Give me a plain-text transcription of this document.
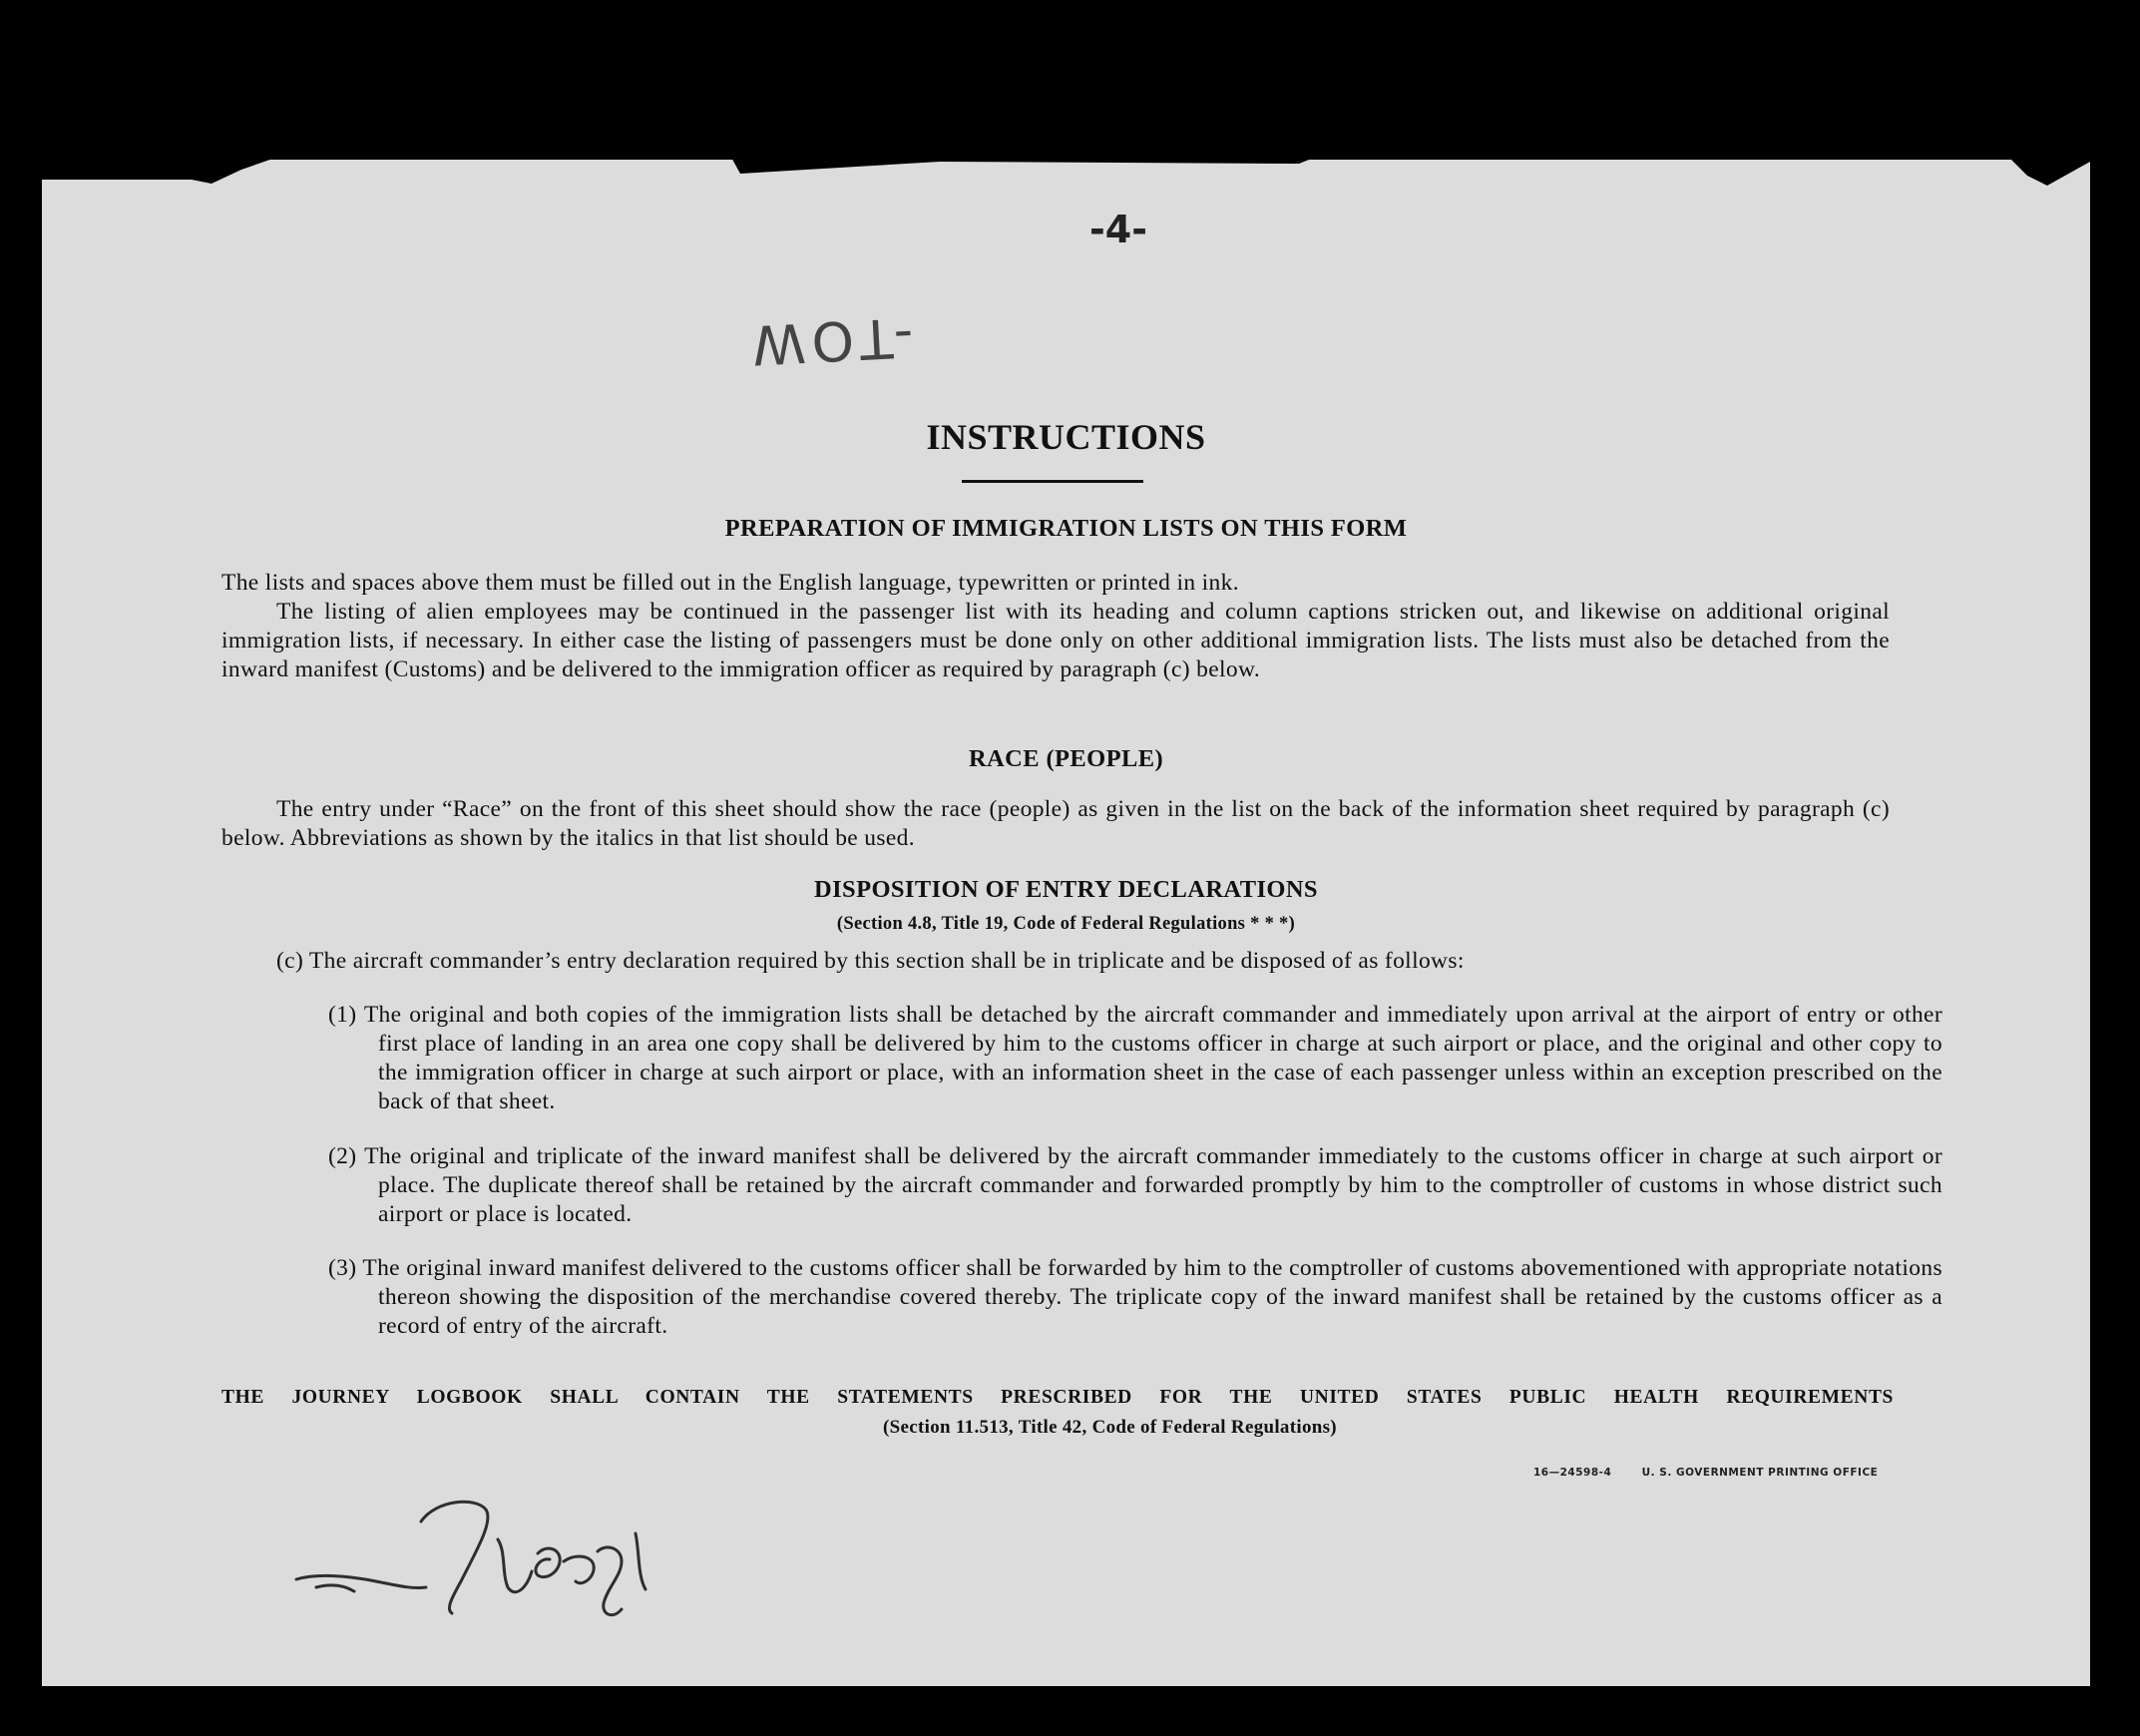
-4-
WOT-
INSTRUCTIONS
PREPARATION OF IMMIGRATION LISTS ON THIS FORM
The lists and spaces above them must be filled out in the English language, typewritten or printed in ink.
The listing of alien employees may be continued in the passenger list with its heading and column captions stricken out, and likewise on additional original immigration lists, if necessary. In either case the listing of passengers must be done only on other additional immigration lists. The lists must also be detached from the inward manifest (Customs) and be delivered to the immigration officer as required by paragraph (c) below.
RACE (PEOPLE)
The entry under “Race” on the front of this sheet should show the race (people) as given in the list on the back of the information sheet required by paragraph (c) below. Abbreviations as shown by the italics in that list should be used.
DISPOSITION OF ENTRY DECLARATIONS
(Section 4.8, Title 19, Code of Federal Regulations * * *)
(c) The aircraft commander’s entry declaration required by this section shall be in triplicate and be disposed of as follows:
(1) The original and both copies of the immigration lists shall be detached by the aircraft commander and immediately upon arrival at the airport of entry or other first place of landing in an area one copy shall be delivered by him to the customs officer in charge at such airport or place, and the original and other copy to the immigration officer in charge at such airport or place, with an information sheet in the case of each passenger unless within an exception prescribed on the back of that sheet.
(2) The original and triplicate of the inward manifest shall be delivered by the aircraft commander immediately to the customs officer in charge at such airport or place. The duplicate thereof shall be retained by the aircraft commander and forwarded promptly by him to the comptroller of customs in whose district such airport or place is located.
(3) The original inward manifest delivered to the customs officer shall be forwarded by him to the comptroller of customs abovementioned with appropriate notations thereon showing the disposition of the merchandise covered thereby. The triplicate copy of the inward manifest shall be retained by the customs officer as a record of entry of the aircraft.
THE JOURNEY LOGBOOK SHALL CONTAIN THE STATEMENTS PRESCRIBED FOR THE UNITED STATES PUBLIC HEALTH REQUIREMENTS
(Section 11.513, Title 42, Code of Federal Regulations)
16—24598-4	U. S. GOVERNMENT PRINTING OFFICE
